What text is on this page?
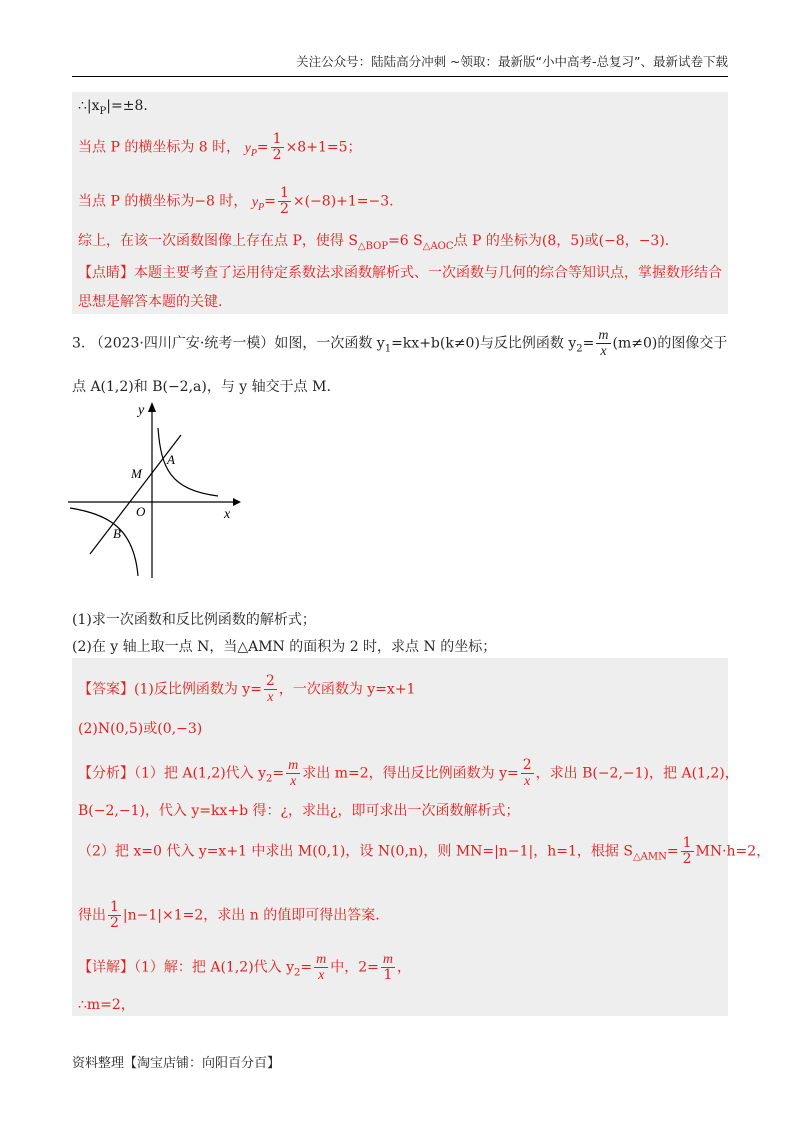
关注公众号：陆陆高分冲刺 ~领取：最新版“小中高考-总复习”、最新试卷下载
$\therefore|x_P|=\pm 8$.
当点 P 的横坐标为 8 时， $y_P= \frac{1}{2} \times 8+1=5$；
当点 P 的横坐标为−8 时， $y_P= \frac{1}{2} \times(-8)+1=-3$.
综上，在该一次函数图像上存在点 P，使得 $S_{\triangle BOP}=6$ $S_{\triangle AOC}$点 P 的坐标为(8，5)或(−8，−3).
【点睛】本题主要考查了运用待定系数法求函数解析式、一次函数与几何的综合等知识点，掌握数形结合
思想是解答本题的关键.
3. （2023·四川广安·统考一模）如图，一次函数 $y_1=kx+b(k\ne 0)$与反比例函数 $y_2= \frac{m}{x} (m\ne 0)$的图像交于
点 A(1,2)和 B(−2,a)，与 y 轴交于点 M.
y
x
O
M
A
B
(1)求一次函数和反比例函数的解析式；
(2)在 y 轴上取一点 N，当△AMN 的面积为 2 时，求点 N 的坐标；
【答案】(1)反比例函数为 $y= \frac{2}{x}$ ，一次函数为 y=x+1
(2)N(0,5)或(0,−3)
【分析】（1）把 A(1,2)代入 $y_2= \frac{m}{x}$ 求出 m=2，得出反比例函数为 $y= \frac{2}{x}$ ，求出 B(−2,−1)，把 A(1,2)，
B(−2,−1)，代入 y=kx+b 得：¿，求出¿，即可求出一次函数解析式；
（2）把 x=0 代入 y=x+1 中求出 M(0,1)，设 N(0,n)，则 MN=|n−1|，h=1，根据 $S_{\triangle AMN}= \frac{1}{2} MN\cdot h=2$，
得出 $\frac{1}{2} |n-1|\times 1=2$，求出 n 的值即可得出答案.
【详解】（1）解：把 A(1,2)代入 $y_2= \frac{m}{x}$ 中，$2= \frac{m}{1}$ ，
∴m=2，
资料整理【淘宝店铺：向阳百分百】
